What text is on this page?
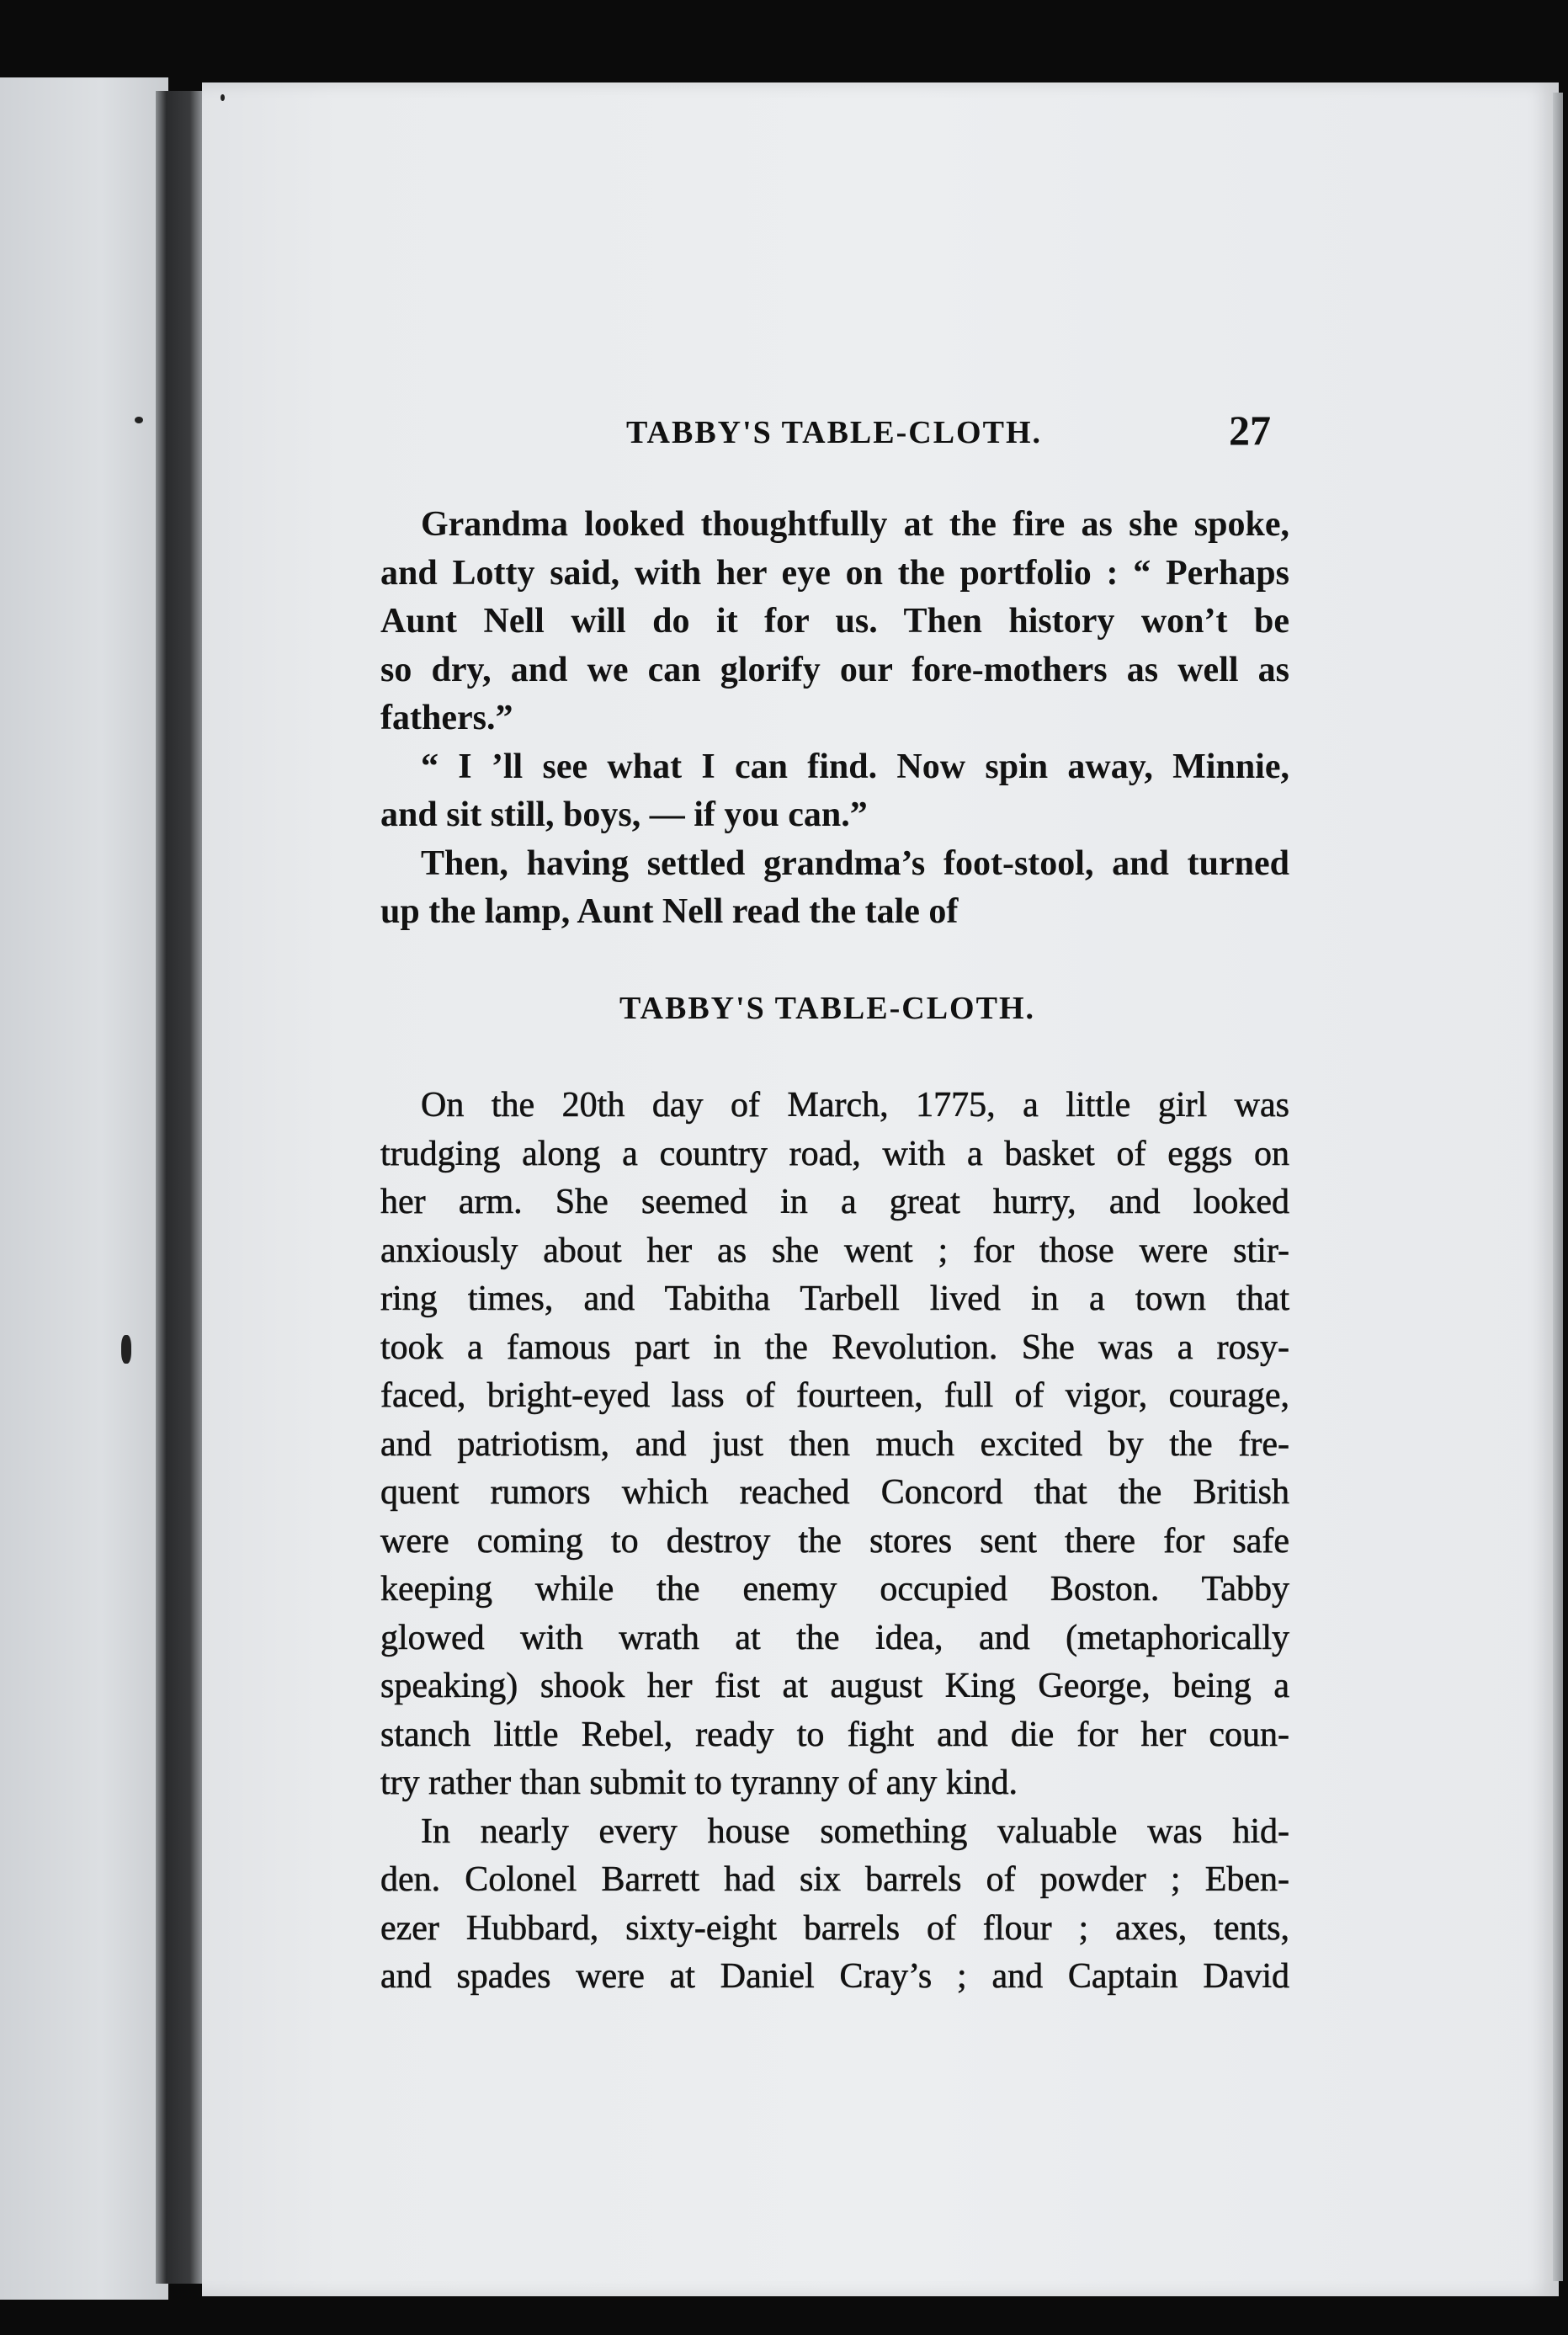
TABBY'S TABLE-CLOTH.	27
Grandma looked thoughtfully at the fire as she spoke,
and Lotty said, with her eye on the portfolio : “ Perhaps
Aunt Nell will do it for us. Then history won’t be
so dry, and we can glorify our fore-mothers as well as
fathers.”
“ I ’ll see what I can find. Now spin away, Minnie,
and sit still, boys, — if you can.”
Then, having settled grandma’s foot-stool, and turned
up the lamp, Aunt Nell read the tale of
TABBY'S TABLE-CLOTH.
On the 20th day of March, 1775, a little girl was
trudging along a country road, with a basket of eggs on
her arm. She seemed in a great hurry, and looked
anxiously about her as she went ; for those were stir-
ring times, and Tabitha Tarbell lived in a town that
took a famous part in the Revolution. She was a rosy-
faced, bright-eyed lass of fourteen, full of vigor, courage,
and patriotism, and just then much excited by the fre-
quent rumors which reached Concord that the British
were coming to destroy the stores sent there for safe
keeping while the enemy occupied Boston. Tabby
glowed with wrath at the idea, and (metaphorically
speaking) shook her fist at august King George, being a
stanch little Rebel, ready to fight and die for her coun-
try rather than submit to tyranny of any kind.
In nearly every house something valuable was hid-
den. Colonel Barrett had six barrels of powder ; Eben-
ezer Hubbard, sixty-eight barrels of flour ; axes, tents,
and spades were at Daniel Cray’s ; and Captain David
